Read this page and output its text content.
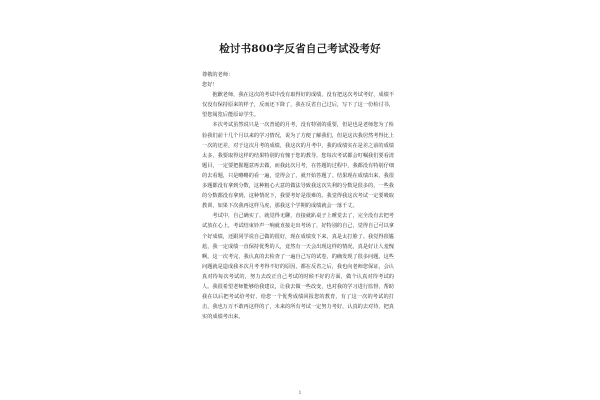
检讨书800字反省自己考试没考好

尊敬的老师：

您好！

抱歉老师，我在这次的考试中没有取得好的成绩，没有把这次考试考好，成绩不仅没有保持原来的样子，反而还下降了，我在反省自己过后，写下了这一份检讨书，望您阅览后能原谅学生。

本次考试虽然说只是一次普通的月考，没有特别的重要，但是也是老师您为了检验我们前十几个月以来的学习情况，说为了方便了解我们，但是这次我居然考得比上一次的还差，对于这次月考的成绩，我这次的月考中，我的成绩实在是差之前的成绩太多，我要取得这样的结果特别的有愧于您的教导。您每次考试都会叮嘱我们要看清题目，一定要把握题意再去做，而我此次月考，在答题的过程中，我都没有特别仔细的去看题，只是略略的看一遍，觉得会了，就开始答题了。结果现在成绩出来，我很多题都没有拿到分数，这种粗心大意的做法导致我这次失利的分数是很多的，一些我的分数都没有拿到，这种情况下，我要考好是很难的。我觉得我这次考试一定要吸取教训，如果下次我再这样马虎，那我这个学期的成绩就会一落千丈。

考试中，自己确实了，就觉得无聊，直接就趴桌子上睡觉去了，完全没有去把考试放在心上，考试结束铃声一响就直接走出考场了，好特别的自己，觉得自己可以拿个好成绩，还跟同学说自己做的很好，现在成绩发下来，真是太打脸了。我觉得很尴尬，我一定成绩一直保持优秀的人，竟然有一天会出现这样的情况，真是好让人羞愧啊。这一次考完，我认真的去检查了一遍自己写的试卷，的确发现了很多问题，这些问题就是造成我本次月考考得不好的原因，都在反省之后，我也向老师您保证，会认真对待每次考试的，努力去改正自己考试的时候不好的方面，做个认真对待考试的人。我很希望老师能够给我建议，让我去做一些改变，也对我的学习进行监督，帮助我在以后把考试给考好，给您一个优秀成绩回报您的教育，有了这一次的考试的打击，我也万万不敢再这样的了，未来的所有考试一定努力考好，认真的去对待，把真实的成绩考出来。

1
